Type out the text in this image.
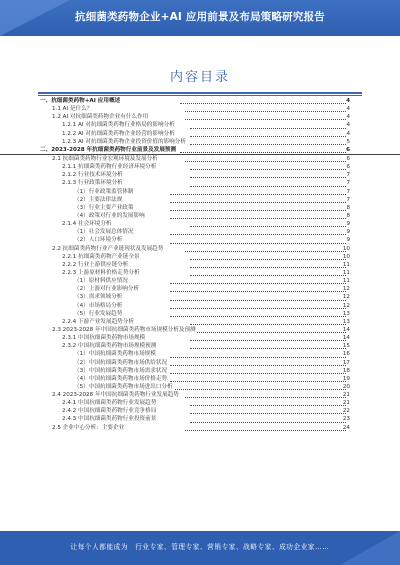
抗细菌类药物企业+AI 应用前景及布局策略研究报告
内容目录
一、抗细菌类药物+AI 应用概述	4
1.1 AI 是什么？	4
1.2 AI 对抗细菌类药物企业有什么作用	4
1.2.1 AI 对抗细菌类药物行业格局的影响分析	4
1.2.2 AI 对抗细菌类药物企业经营的影响分析	4
1.2.3 AI 对抗细菌类药物企业投资价值的影响分析	5
二、2023-2028 年抗细菌类药物行业前景及发展预测	6
2.1 抗细菌类药物行业宏观环境及发展分析	6
2.1.1 抗细菌类药物行业经济环境分析	6
2.1.2 行业技术环境分析	7
2.1.3 行业政策环境分析	7
（1）行业政策监管体制	7
（2）主要法律法规	7
（3）行业主要产业政策	8
（4）政策对行业的发展影响	8
2.1.4 社会环境分析	9
（1）社会发展总体情况	9
（2）人口环境分析	9
2.2 抗细菌类药物行业产业链现状及发展趋势	10
2.2.1 抗细菌类药物产业链全景	10
2.2.2 行业上游供应链分析	11
2.2.3 上游原材料价格走势分析	11
（1）原材料供应情况	11
（2）上游对行业影响分析	12
（3）需求领域分析	12
（4）市场格局分析	12
（5）行业发展趋势	13
2.2.4 下游产业发展趋势分析	13
2.3 2023-2028 年中国抗细菌类药物市场规模分析及预测	14
2.3.1 中国抗细菌类药物市场规模	14
2.3.2 中国抗细菌类药物市场规模预测	15
（1）中国抗细菌类药物市场规模	16
（2）中国抗细菌类药物市场供给状况	17
（3）中国抗细菌类药物市场需求状况	18
（4）中国抗细菌类药物市场价格走势	19
（5）中国抗细菌类药物市场进出口分析	20
2.4 2023-2028 年中国抗细菌类药物行业发展趋势	21
2.4.1 中国抗细菌类药物行业发展趋势	21
2.4.2 中国抗细菌类药物行业竞争格局	22
2.4.3 中国抗细菌类药物行业投资前景	23
2.5 企业中心分析：主要企业	24
让每个人都能成为　行业专家、管理专家、营销专家、战略专家、成功企业家……
